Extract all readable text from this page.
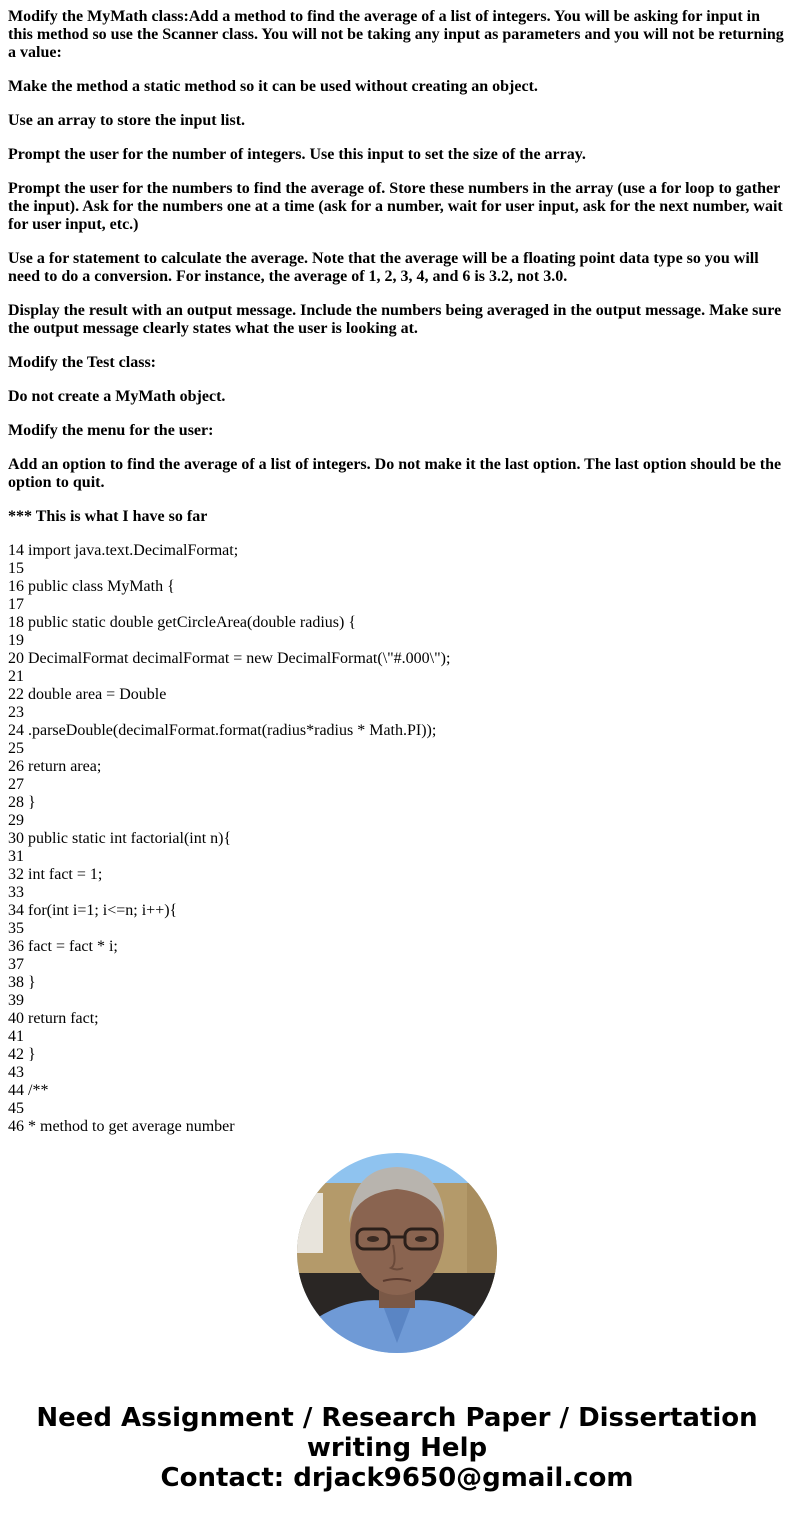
Modify the MyMath class:Add a method to find the average of a list of integers. You will be asking for input in this method so use the Scanner class. You will not be taking any input as parameters and you will not be returning a value:

Make the method a static method so it can be used without creating an object.

Use an array to store the input list.

Prompt the user for the number of integers. Use this input to set the size of the array.

Prompt the user for the numbers to find the average of. Store these numbers in the array (use a for loop to gather the input). Ask for the numbers one at a time (ask for a number, wait for user input, ask for the next number, wait for user input, etc.)

Use a for statement to calculate the average. Note that the average will be a floating point data type so you will need to do a conversion. For instance, the average of 1, 2, 3, 4, and 6 is 3.2, not 3.0.

Display the result with an output message. Include the numbers being averaged in the output message. Make sure the output message clearly states what the user is looking at.

Modify the Test class:

Do not create a MyMath object.

Modify the menu for the user:

Add an option to find the average of a list of integers. Do not make it the last option. The last option should be the option to quit.

*** This is what I have so far

14 import java.text.DecimalFormat;
15
16 public class MyMath {
17
18 public static double getCircleArea(double radius) {
19
20 DecimalFormat decimalFormat = new DecimalFormat(\"#.000\");
21
22 double area = Double
23
24 .parseDouble(decimalFormat.format(radius*radius * Math.PI));
25
26 return area;
27
28 }
29
30 public static int factorial(int n){
31
32 int fact = 1;
33
34 for(int i=1; i<=n; i++){
35
36 fact = fact * i;
37
38 }
39
40 return fact;
41
42 }
43
44 /**
45
46 * method to get average number
Need Assignment / Research Paper / Dissertation
writing Help
Contact: drjack9650@gmail.com
